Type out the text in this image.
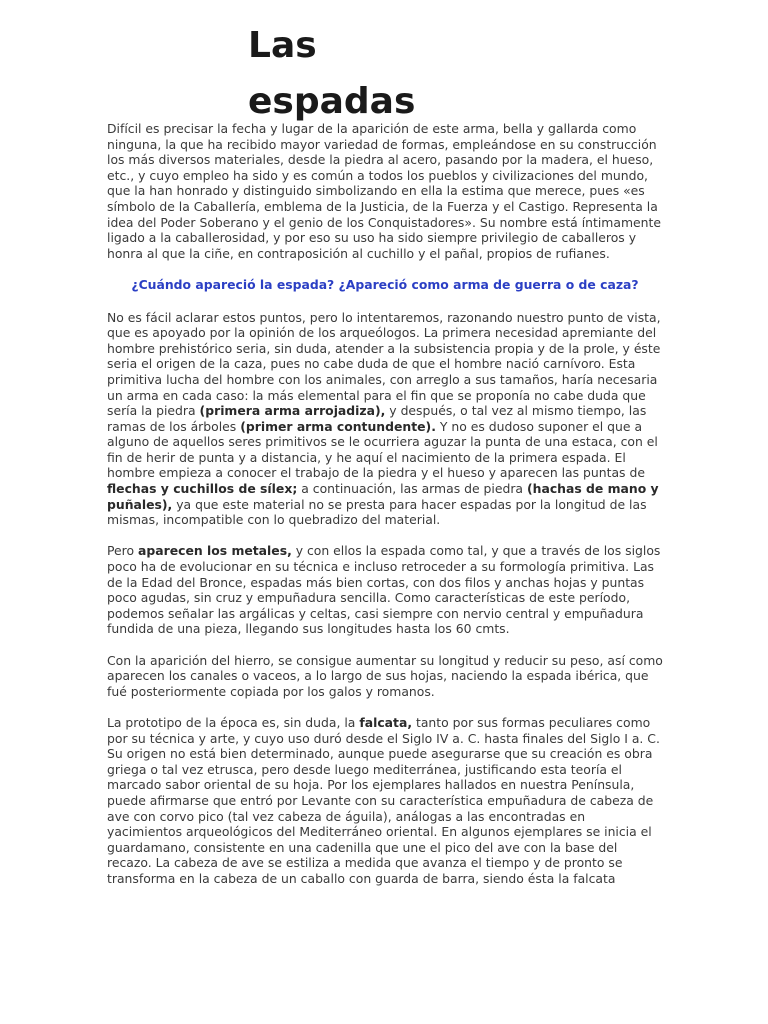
Las
espadas

Difícil es precisar la fecha y lugar de la aparición de este arma, bella y gallarda como ninguna, la que ha recibido mayor variedad de formas, empleándose en su construcción los más diversos materiales, desde la piedra al acero, pasando por la madera, el hueso, etc., y cuyo empleo ha sido y es común a todos los pueblos y civilizaciones del mundo, que la han honrado y distinguido simbolizando en ella la estima que merece, pues «es símbolo de la Caballería, emblema de la Justicia, de la Fuerza y el Castigo. Representa la idea del Poder Soberano y el genio de los Conquistadores». Su nombre está íntimamente ligado a la caballerosidad, y por eso su uso ha sido siempre privilegio de caballeros y honra al que la ciñe, en contraposición al cuchillo y el pañal, propios de rufianes.

¿Cuándo apareció la espada? ¿Apareció como arma de guerra o de caza?

No es fácil aclarar estos puntos, pero lo intentaremos, razonando nuestro punto de vista, que es apoyado por la opinión de los arqueólogos. La primera necesidad apremiante del hombre prehistórico seria, sin duda, atender a la subsistencia propia y de la prole, y éste seria el origen de la caza, pues no cabe duda de que el hombre nació carnívoro. Esta primitiva lucha del hombre con los animales, con arreglo a sus tamaños, haría necesaria un arma en cada caso: la más elemental para el fin que se proponía no cabe duda que sería la piedra (primera arma arrojadiza), y después, o tal vez al mismo tiempo, las ramas de los árboles (primer arma contundente). Y no es dudoso suponer el que a alguno de aquellos seres primitivos se le ocurriera aguzar la punta de una estaca, con el fin de herir de punta y a distancia, y he aquí el nacimiento de la primera espada. El hombre empieza a conocer el trabajo de la piedra y el hueso y aparecen las puntas de flechas y cuchillos de sílex; a continuación, las armas de piedra (hachas de mano y puñales), ya que este material no se presta para hacer espadas por la longitud de las mismas, incompatible con lo quebradizo del material.

Pero aparecen los metales, y con ellos la espada como tal, y que a través de los siglos poco ha de evolucionar en su técnica e incluso retroceder a su formología primitiva. Las de la Edad del Bronce, espadas más bien cortas, con dos filos y anchas hojas y puntas poco agudas, sin cruz y empuñadura sencilla. Como características de este período, podemos señalar las argálicas y celtas, casi siempre con nervio central y empuñadura fundida de una pieza, llegando sus longitudes hasta los 60 cmts.

Con la aparición del hierro, se consigue aumentar su longitud y reducir su peso, así como aparecen los canales o vaceos, a lo largo de sus hojas, naciendo la espada ibérica, que fué posteriormente copiada por los galos y romanos.

La prototipo de la época es, sin duda, la falcata, tanto por sus formas peculiares como por su técnica y arte, y cuyo uso duró desde el Siglo IV a. C. hasta finales del Siglo I a. C. Su origen no está bien determinado, aunque puede asegurarse que su creación es obra griega o tal vez etrusca, pero desde luego mediterránea, justificando esta teoría el marcado sabor oriental de su hoja. Por los ejemplares hallados en nuestra Península, puede afirmarse que entró por Levante con su característica empuñadura de cabeza de ave con corvo pico (tal vez cabeza de águila), análogas a las encontradas en yacimientos arqueológicos del Mediterráneo oriental. En algunos ejemplares se inicia el guardamano, consistente en una cadenilla que une el pico del ave con la base del recazo. La cabeza de ave se estiliza a medida que avanza el tiempo y de pronto se transforma en la cabeza de un caballo con guarda de barra, siendo ésta la falcata
